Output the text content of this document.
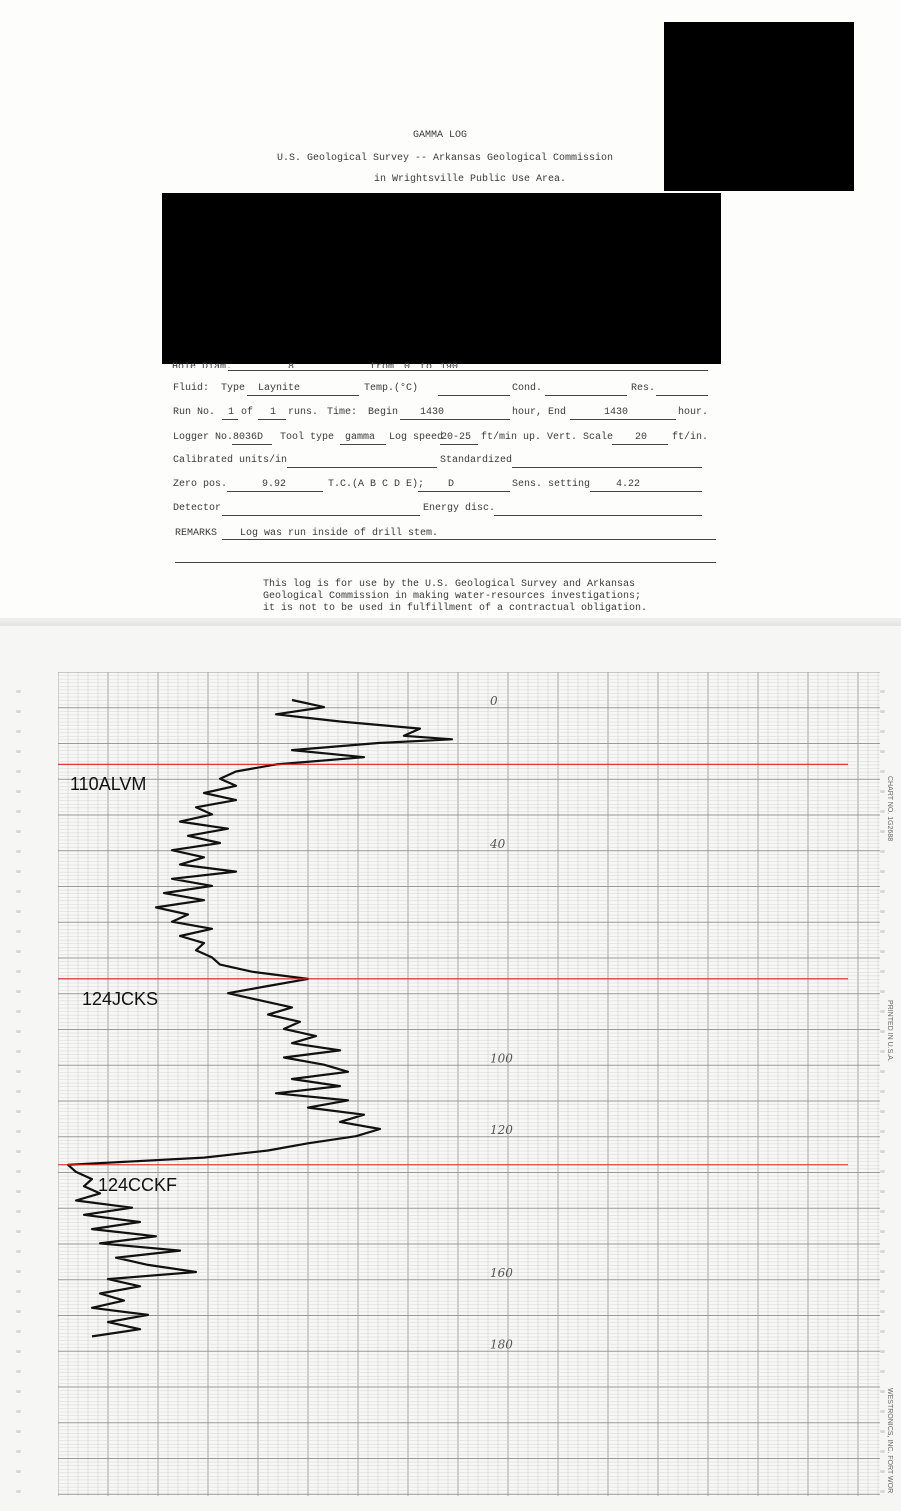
GAMMA LOG
U.S. Geological Survey -- Arkansas Geological Commission
in Wrightsville Public Use Area.
Hole Diam.	8	from 0 to 190
Fluid: Type Laynite	Temp.(°C)	Cond.	Res.
Run No. 1 of 1 runs. Time: Begin 1430	hour, End	1430	hour.
Logger No. 8036D Tool type gamma Log speed
20-25 ft/min up. Vert. Scale 20 ft/in.
Calibrated units/in	Standardized
Zero pos.	9.92	T.C.(A B C D E); D	Sens. setting	4.22
Detector	Energy disc.
REMARKS Log was run inside of drill stem.
This log is for use by the U.S. Geological Survey and Arkansas
Geological Commission in making water-resources investigations;
it is not to be used in fulfillment of a contractual obligation.
0
40
100
120
160
180
110ALVM
124JCKS
124CCKF
CHART NO. 1G2688
PRINTED IN U.S.A.
WESTRONICS, INC. FORT WOR
